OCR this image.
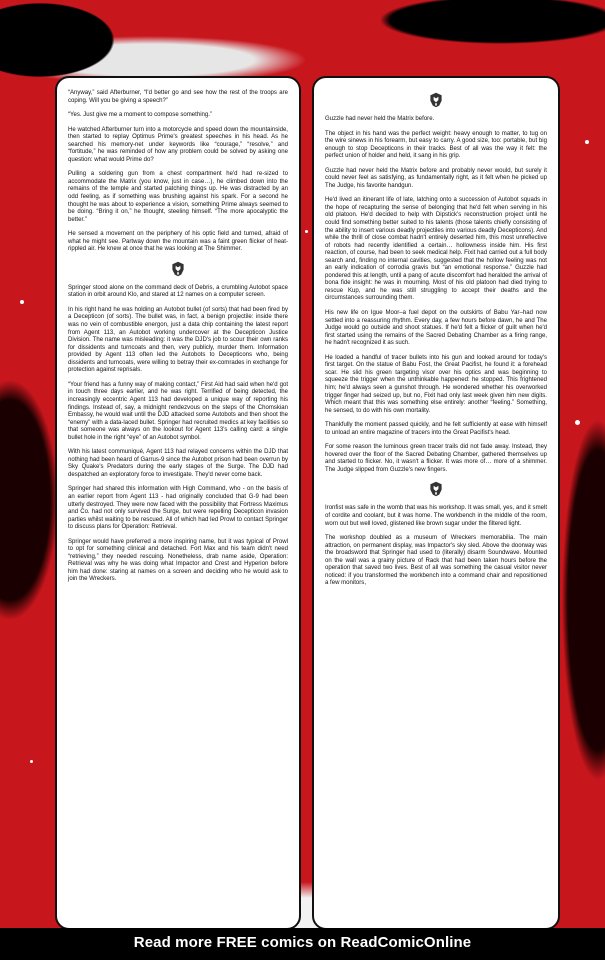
“Anyway,” said Afterburner, “I'd better go and see how the rest of the troops are coping. Will you be giving a speech?”

“Yes. Just give me a moment to compose something.”

He watched Afterburner turn into a motorcycle and speed down the mountainside, then started to replay Optimus Prime's greatest speeches in his head. As he searched his memory-net under keywords like “courage,” “resolve,” and “fortitude,” he was reminded of how any problem could be solved by asking one question: what would Prime do?

Pulling a soldering gun from a chest compartment he'd had re-sized to accommodate the Matrix (you know, just in case…), he climbed down into the remains of the temple and started patching things up. He was distracted by an odd feeling, as if something was brushing against his spark. For a second he thought he was about to experience a vision, something Prime always seemed to be doing. “Bring it on,” he thought, steeling himself. “The more apocalyptic the better.”

He sensed a movement on the periphery of his optic field and turned, afraid of what he might see. Partway down the mountain was a faint green flicker of heat-rippled air. He knew at once that he was looking at The Shimmer.

Springer stood alone on the command deck of Debris, a crumbling Autobot space station in orbit around Klo, and stared at 12 names on a computer screen.

In his right hand he was holding an Autobot bullet (of sorts) that had been fired by a Decepticon (of sorts). The bullet was, in fact, a benign projectile: inside there was no vein of combustible energon, just a data chip containing the latest report from Agent 113, an Autobot working undercover at the Decepticon Justice Division. The name was misleading: it was the DJD's job to scour their own ranks for dissidents and turncoats and then, very publicly, murder them. Information provided by Agent 113 often led the Autobots to Decepticons who, being dissidents and turncoats, were willing to betray their ex-comrades in exchange for protection against reprisals.

“Your friend has a funny way of making contact,” First Aid had said when he'd got in touch three days earlier, and he was right. Terrified of being detected, the increasingly eccentric Agent 113 had developed a unique way of reporting his findings. Instead of, say, a midnight rendezvous on the steps of the Chomskian Embassy, he would wait until the DJD attacked some Autobots and then shoot the “enemy” with a data-laced bullet. Springer had recruited medics at key facilities so that someone was always on the lookout for Agent 113's calling card: a single bullet hole in the right “eye” of an Autobot symbol.

With his latest communiqué, Agent 113 had relayed concerns within the DJD that nothing had been heard of Garrus-9 since the Autobot prison had been overrun by Sky Quake's Predators during the early stages of the Surge. The DJD had despatched an exploratory force to investigate. They'd never come back.

Springer had shared this information with High Command, who - on the basis of an earlier report from Agent 113 - had originally concluded that G-9 had been utterly destroyed. They were now faced with the possibility that Fortress Maximus and Co. had not only survived the Surge, but were repelling Decepticon invasion parties whilst waiting to be rescued. All of which had led Prowl to contact Springer to discuss plans for Operation: Retrieval.

Springer would have preferred a more inspiring name, but it was typical of Prowl to opt for something clinical and detached. Fort Max and his team didn't need “retrieving,” they needed rescuing. Nonetheless, drab name aside, Operation: Retrieval was why he was doing what Impactor and Crest and Hyperion before him had done: staring at names on a screen and deciding who he would ask to join the Wreckers.

Guzzle had never held the Matrix before.

The object in his hand was the perfect weight: heavy enough to matter, to tug on the wire sinews in his forearm, but easy to carry. A good size, too: portable, but big enough to stop Decepticons in their tracks. Best of all was the way it felt: the perfect union of holder and held, it sang in his grip.

Guzzle had never held the Matrix before and probably never would, but surely it could never feel as satisfying, as fundamentally right, as it felt when he picked up The Judge, his favorite handgun.

He'd lived an itinerant life of late, latching onto a succession of Autobot squads in the hope of recapturing the sense of belonging that he'd felt when serving in his old platoon. He'd decided to help with Dipstick's reconstruction project until he could find something better suited to his talents (those talents chiefly consisting of the ability to insert various deadly projectiles into various deadly Decepticons). And while the thrill of close combat hadn't entirely deserted him, this most unreflective of robots had recently identified a certain… hollowness inside him. His first reaction, of course, had been to seek medical help. Fixit had carried out a full body search and, finding no internal cavities, suggested that the hollow feeling was not an early indication of corrodia gravis but “an emotional response.” Guzzle had pondered this at length, until a pang of acute discomfort had heralded the arrival of bona fide insight: he was in mourning. Most of his old platoon had died trying to rescue Kup, and he was still struggling to accept their deaths and the circumstances surrounding them.

His new life on Igue Moor–a fuel depot on the outskirts of Babu Yar–had now settled into a reassuring rhythm. Every day, a few hours before dawn, he and The Judge would go outside and shoot statues. If he'd felt a flicker of guilt when he'd first started using the remains of the Sacred Debating Chamber as a firing range, he hadn't recognized it as such.

He loaded a handful of tracer bullets into his gun and looked around for today's first target. On the statue of Babu Fost, the Great Pacifist, he found it: a forehead scar. He slid his green targeting visor over his optics and was beginning to squeeze the trigger when the unthinkable happened: he stopped. This frightened him; he'd always seen a gunshot through. He wondered whether his overworked trigger finger had seized up, but no, Fixit had only last week given him new digits. Which meant that this was something else entirely: another “feeling.” Something, he sensed, to do with his own mortality.

Thankfully the moment passed quickly, and he felt sufficiently at ease with himself to unload an entire magazine of tracers into the Great Pacifist's head.

For some reason the luminous green tracer trails did not fade away. Instead, they hovered over the floor of the Sacred Debating Chamber, gathered themselves up and started to flicker. No, it wasn't a flicker. It was more of… more of a shimmer. The Judge slipped from Guzzle's new fingers.

Ironfist was safe in the womb that was his workshop. It was small, yes, and it smelt of cordite and coolant, but it was home. The workbench in the middle of the room, worn out but well loved, glistened like brown sugar under the filtered light.

The workshop doubled as a museum of Wreckers memorabilia. The main attraction, on permanent display, was Impactor's sky sled. Above the doorway was the broadsword that Springer had used to (literally) disarm Soundwave. Mounted on the wall was a grainy picture of Rack that had been taken hours before the operation that saved two lives. Best of all was something the casual visitor never noticed: if you transformed the workbench into a command chair and repositioned a few monitors,

Read more FREE comics on ReadComicOnline
